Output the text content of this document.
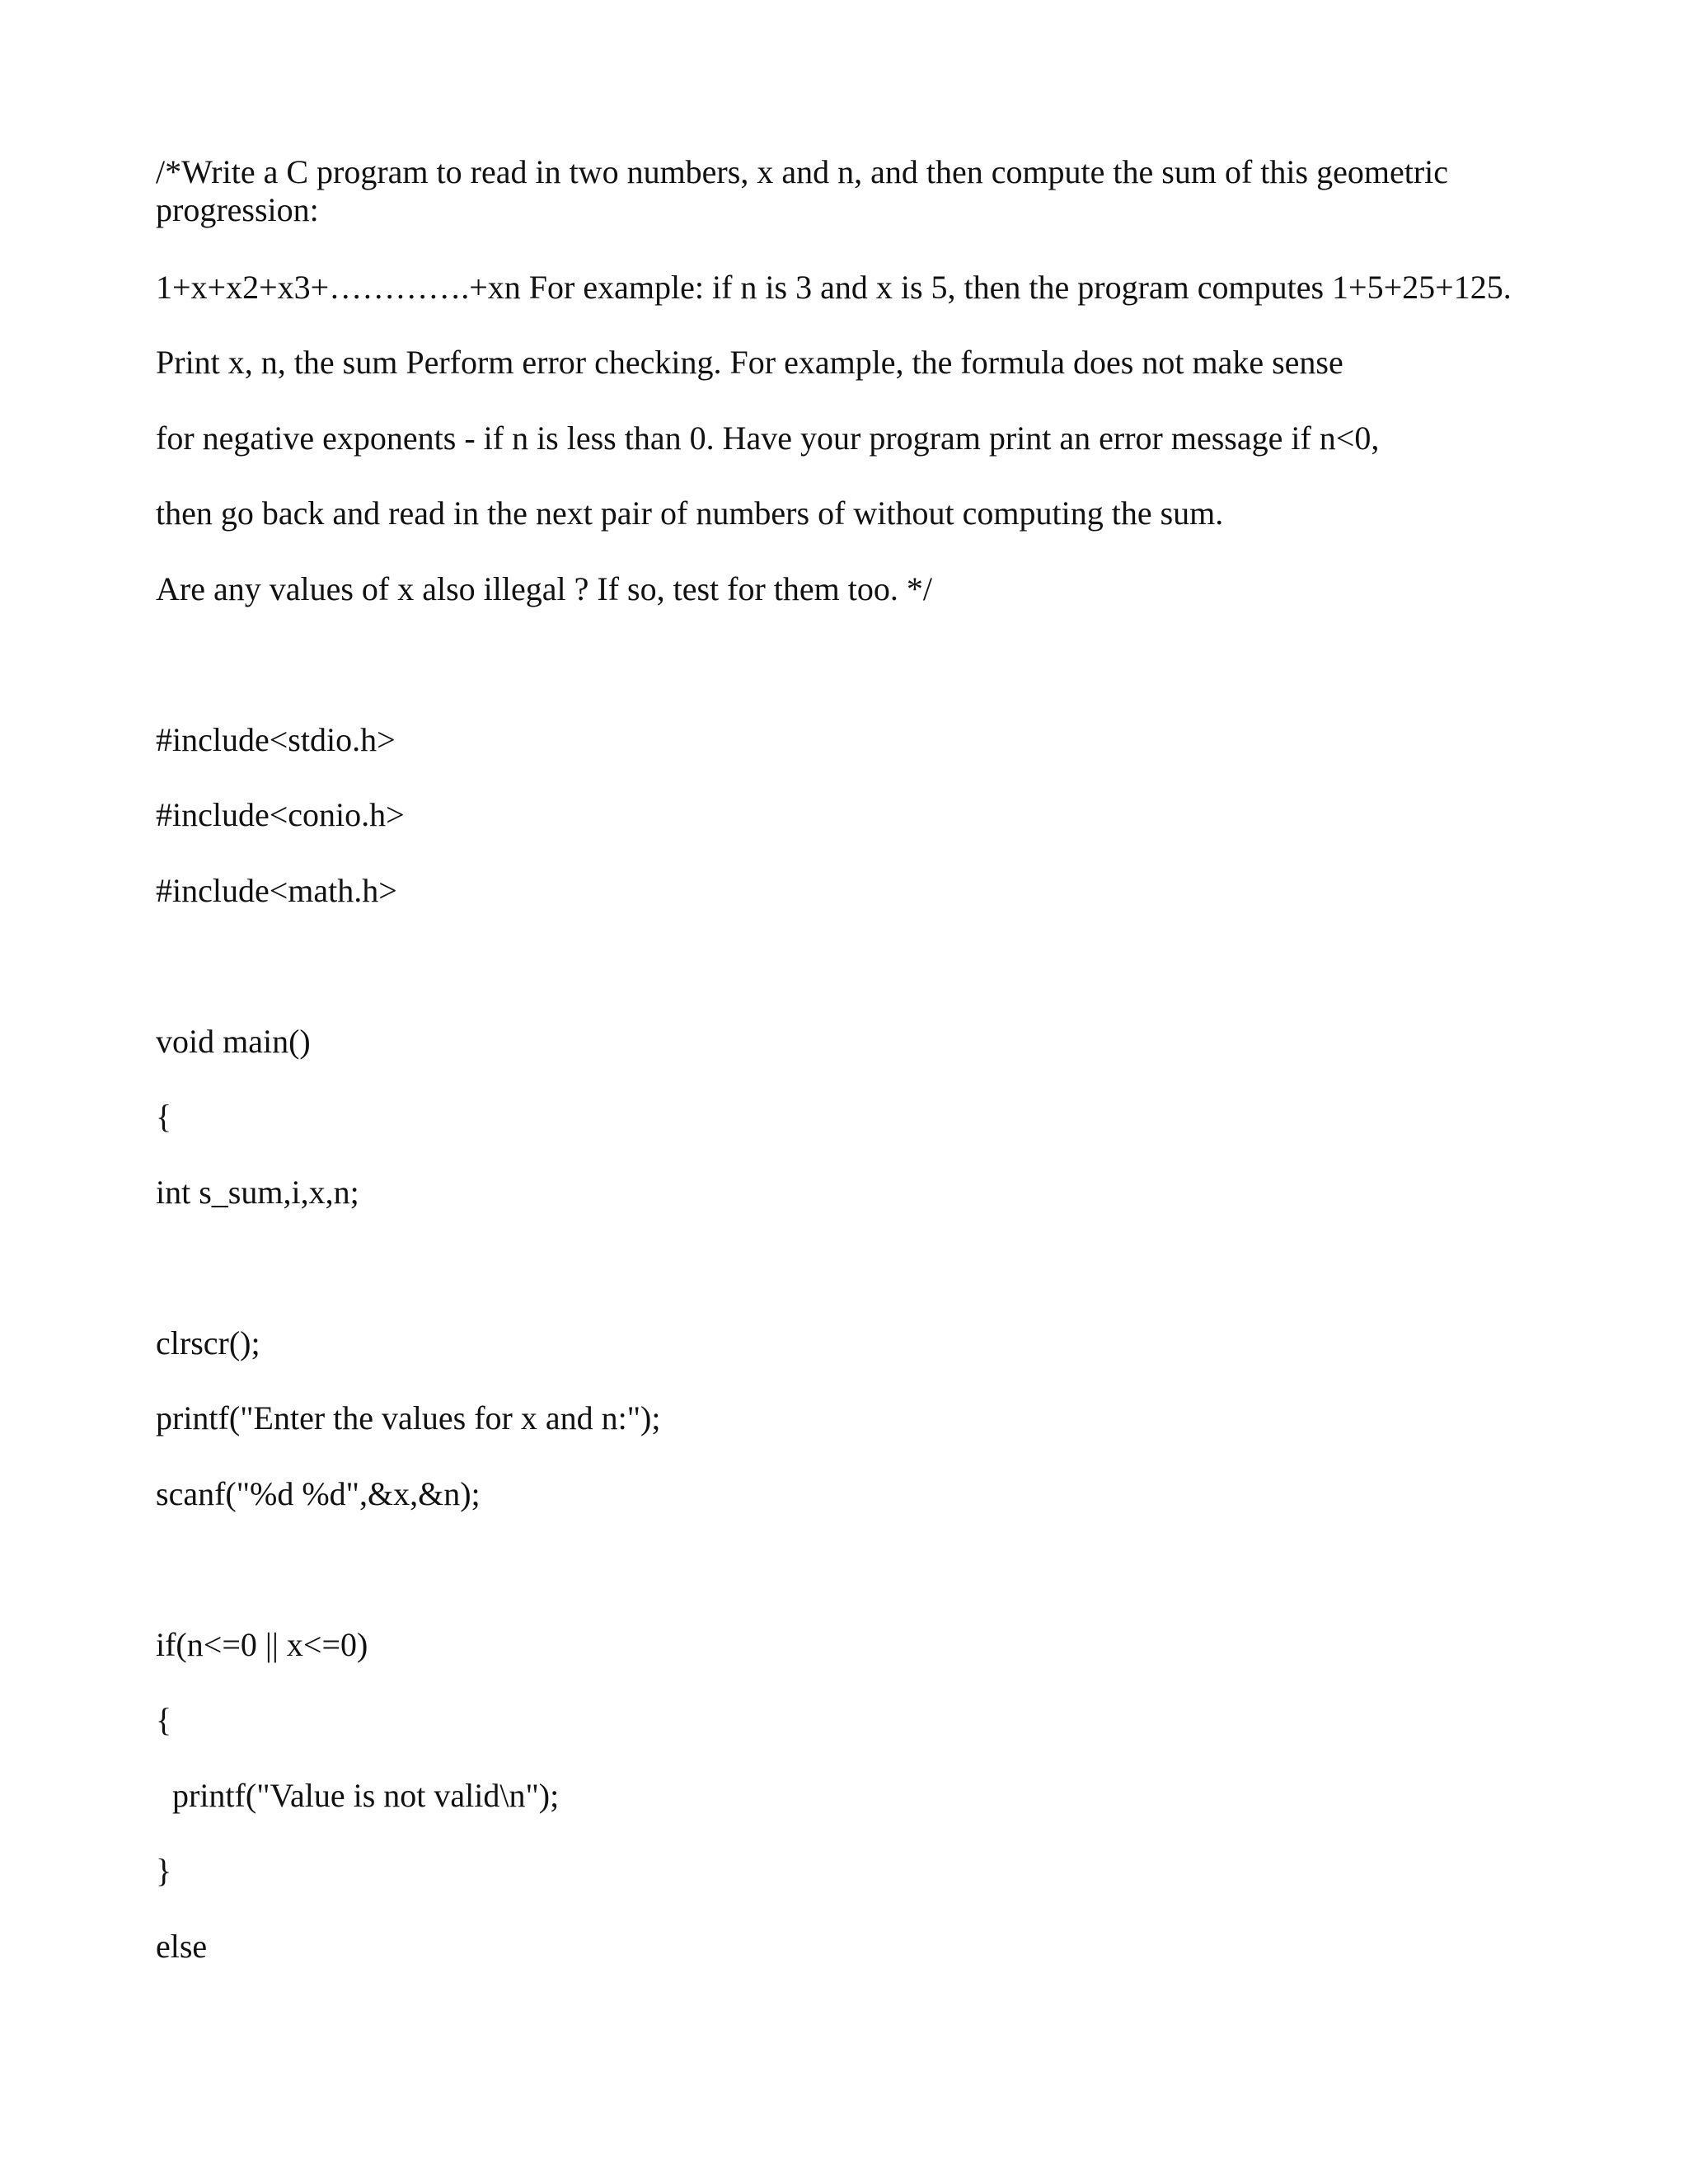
/*Write a C program to read in two numbers, x and n, and then compute the sum of this geometric progression:

1+x+x2+x3+………….+xn For example: if n is 3 and x is 5, then the program computes 1+5+25+125.

Print x, n, the sum Perform error checking. For example, the formula does not make sense

for negative exponents - if n is less than 0. Have your program print an error message if n<0,

then go back and read in the next pair of numbers of without computing the sum.

Are any values of x also illegal ? If so, test for them too. */

#include<stdio.h>

#include<conio.h>

#include<math.h>

void main()

{

int s_sum,i,x,n;

clrscr();

printf("Enter the values for x and n:");

scanf("%d %d",&x,&n);

if(n<=0 || x<=0)

{

printf("Value is not valid\n");

}

else
